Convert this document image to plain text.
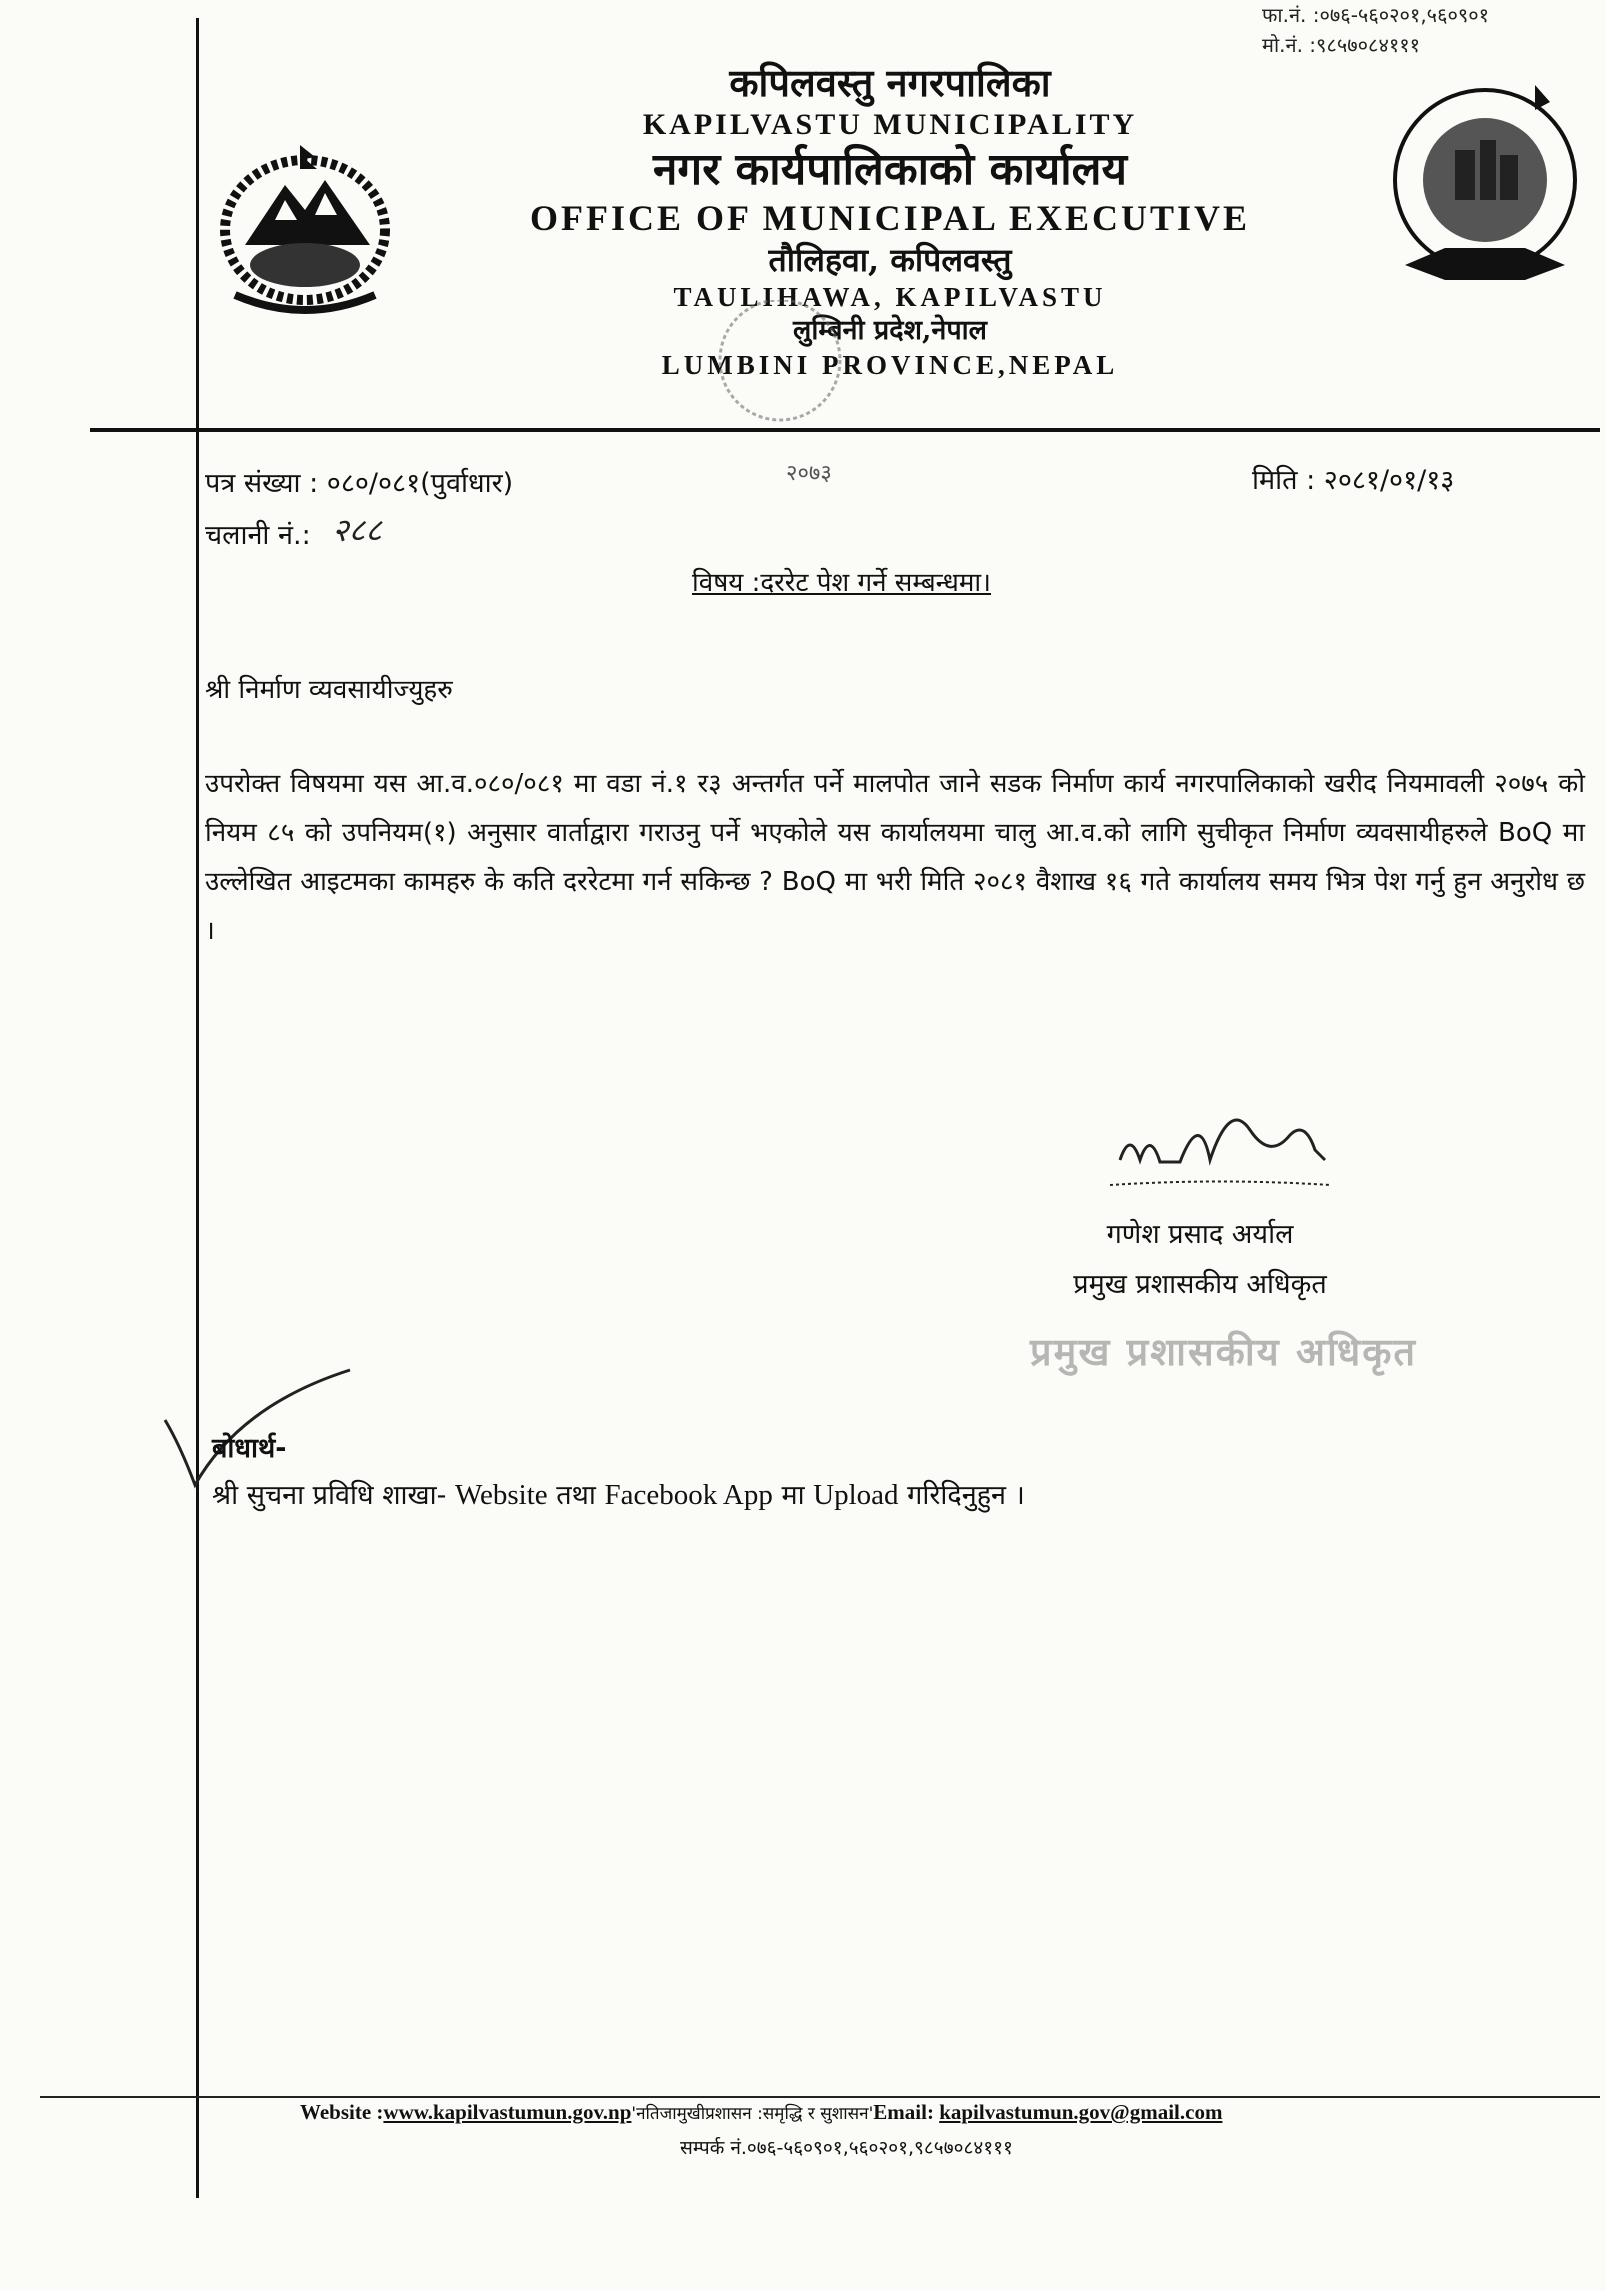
फा.नं. :०७६-५६०२०१,५६०९०१
मो.नं. :९८५७०८४१११
कपिलवस्तु नगरपालिका
KAPILVASTU MUNICIPALITY
नगर कार्यपालिकाको कार्यालय
OFFICE OF MUNICIPAL EXECUTIVE
तौलिहवा, कपिलवस्तु
TAULIHAWA, KAPILVASTU
लुम्बिनी प्रदेश,नेपाल
LUMBINI PROVINCE,NEPAL
२०७३
पत्र संख्या : ०८०/०८१(पुर्वाधार)	मिति : २०८१/०१/१३
चलानी नं.: २८८
विषय :दररेट पेश गर्ने सम्बन्धमा।
श्री निर्माण व्यवसायीज्युहरु
उपरोक्त विषयमा यस आ.व.०८०/०८१ मा वडा नं.१ र३ अन्तर्गत पर्ने मालपोत जाने सडक निर्माण कार्य नगरपालिकाको खरीद नियमावली २०७५ को नियम ८५ को उपनियम(१) अनुसार वार्ताद्वारा गराउनु पर्ने भएकोले यस कार्यालयमा चालु आ.व.को लागि सुचीकृत निर्माण व्यवसायीहरुले BoQ मा उल्लेखित आइटमका कामहरु के कति दररेटमा गर्न सकिन्छ ? BoQ मा भरी मिति २०८१ वैशाख १६ गते कार्यालय समय भित्र पेश गर्नु हुन अनुरोध छ ।
गणेश प्रसाद अर्याल
प्रमुख प्रशासकीय अधिकृत
प्रमुख प्रशासकीय अधिकृत
बोधार्थ-
श्री सुचना प्रविधि शाखा- Website तथा Facebook App मा Upload गरिदिनुहुन ।
Website :www.kapilvastumun.gov.np'नतिजामुखीप्रशासन :समृद्धि र सुशासन'Email: kapilvastumun.gov@gmail.com
सम्पर्क नं.०७६-५६०९०१,५६०२०१,९८५७०८४१११
